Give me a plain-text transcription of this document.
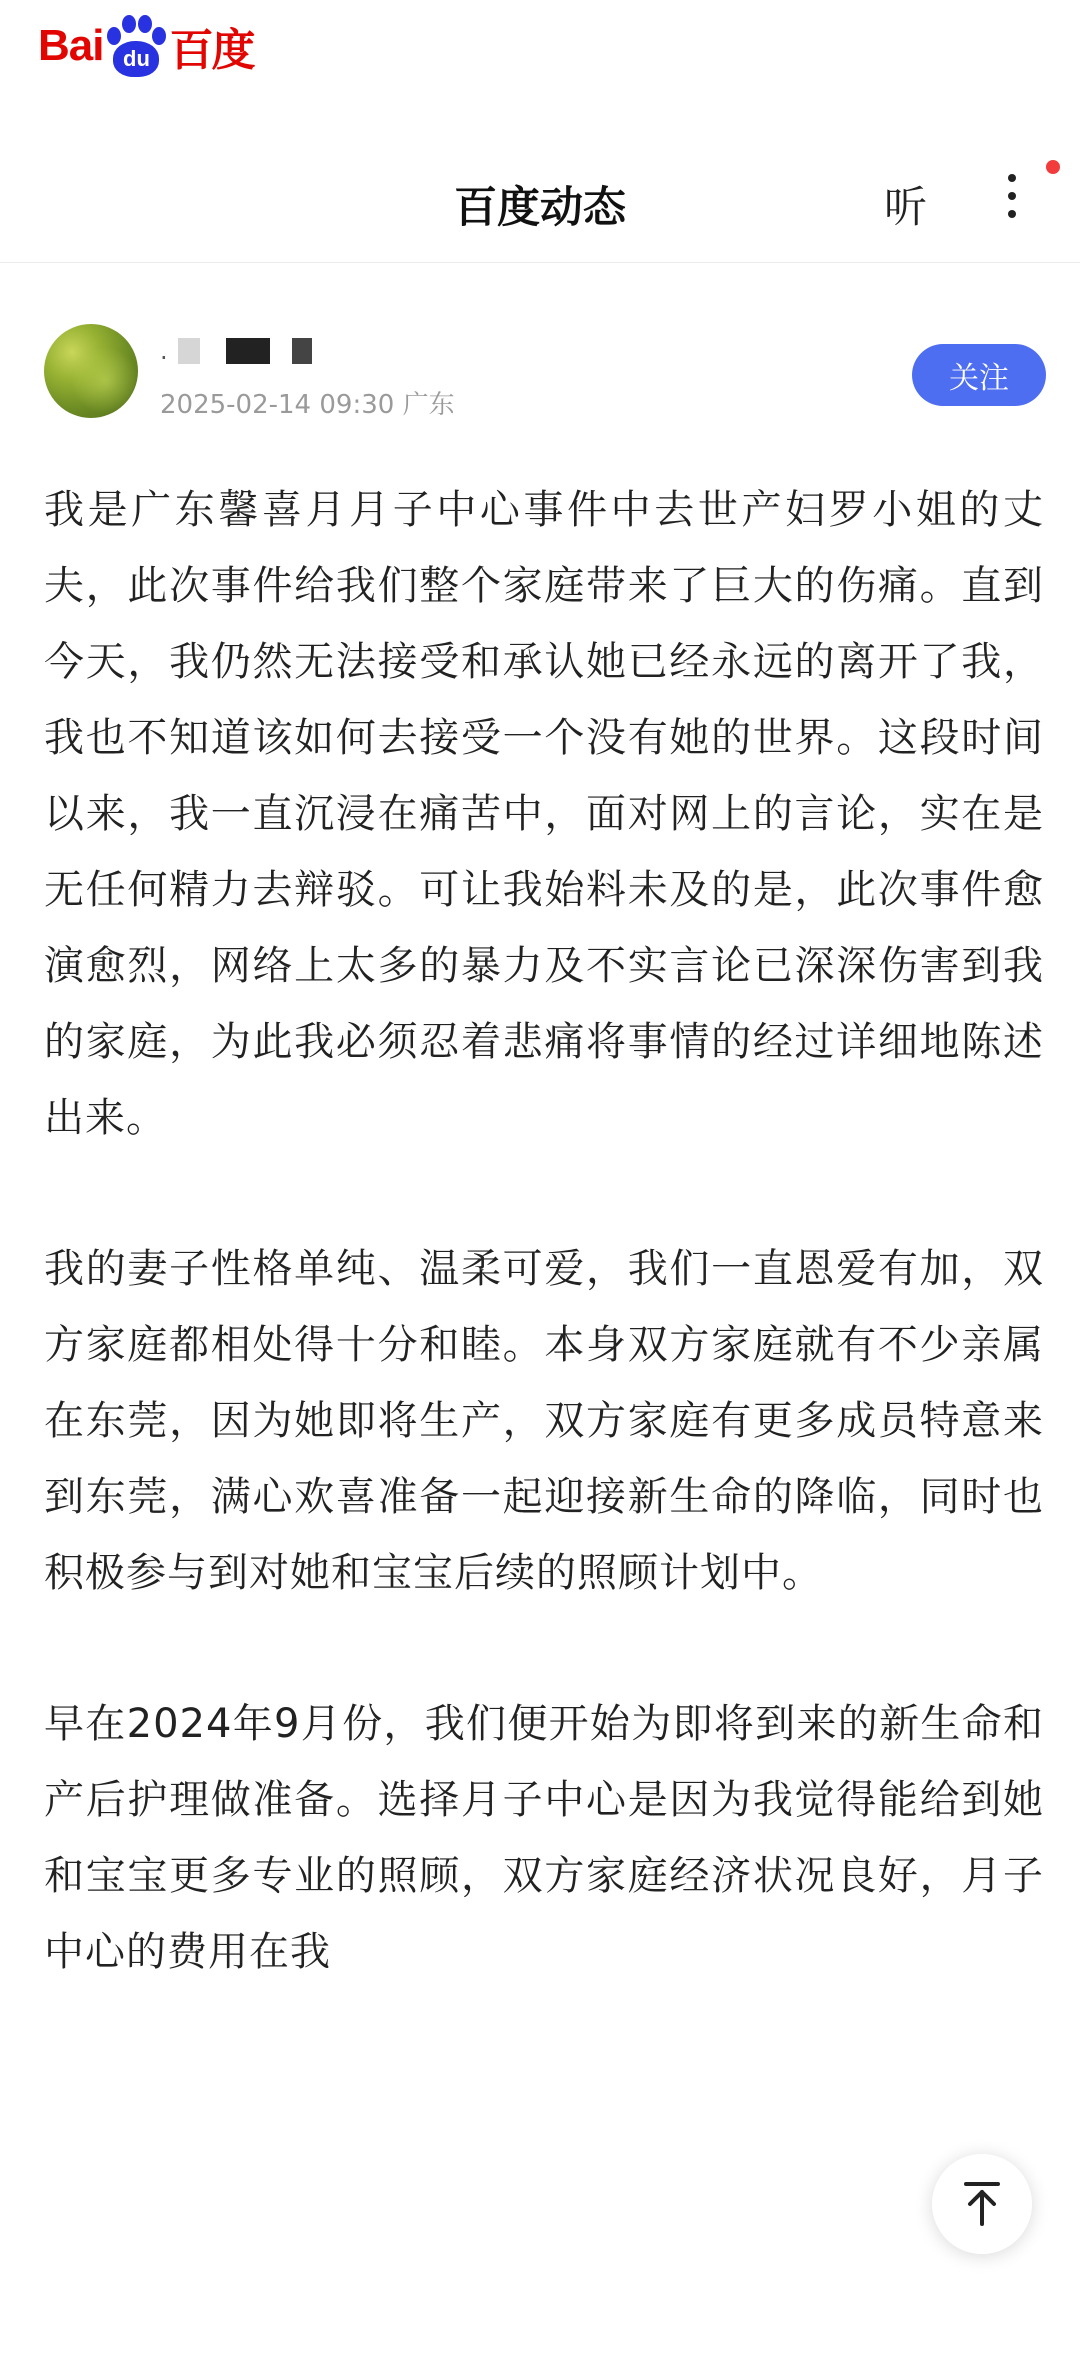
Bai du 百度
百度动态	听
.
2025-02-14 09:30 广东
关注

我是广东馨喜月月子中心事件中去世产妇罗小姐的丈夫，此次事件给我们整个家庭带来了巨大的伤痛。直到今天，我仍然无法接受和承认她已经永远的离开了我，我也不知道该如何去接受一个没有她的世界。这段时间以来，我一直沉浸在痛苦中，面对网上的言论，实在是无任何精力去辩驳。可让我始料未及的是，此次事件愈演愈烈，网络上太多的暴力及不实言论已深深伤害到我的家庭，为此我必须忍着悲痛将事情的经过详细地陈述出来。

我的妻子性格单纯、温柔可爱，我们一直恩爱有加，双方家庭都相处得十分和睦。本身双方家庭就有不少亲属在东莞，因为她即将生产，双方家庭有更多成员特意来到东莞，满心欢喜准备一起迎接新生命的降临，同时也积极参与到对她和宝宝后续的照顾计划中。

早在2024年9月份，我们便开始为即将到来的新生命和产后护理做准备。选择月子中心是因为我觉得能给到她和宝宝更多专业的照顾，双方家庭经济状况良好，月子中心的费用在我
